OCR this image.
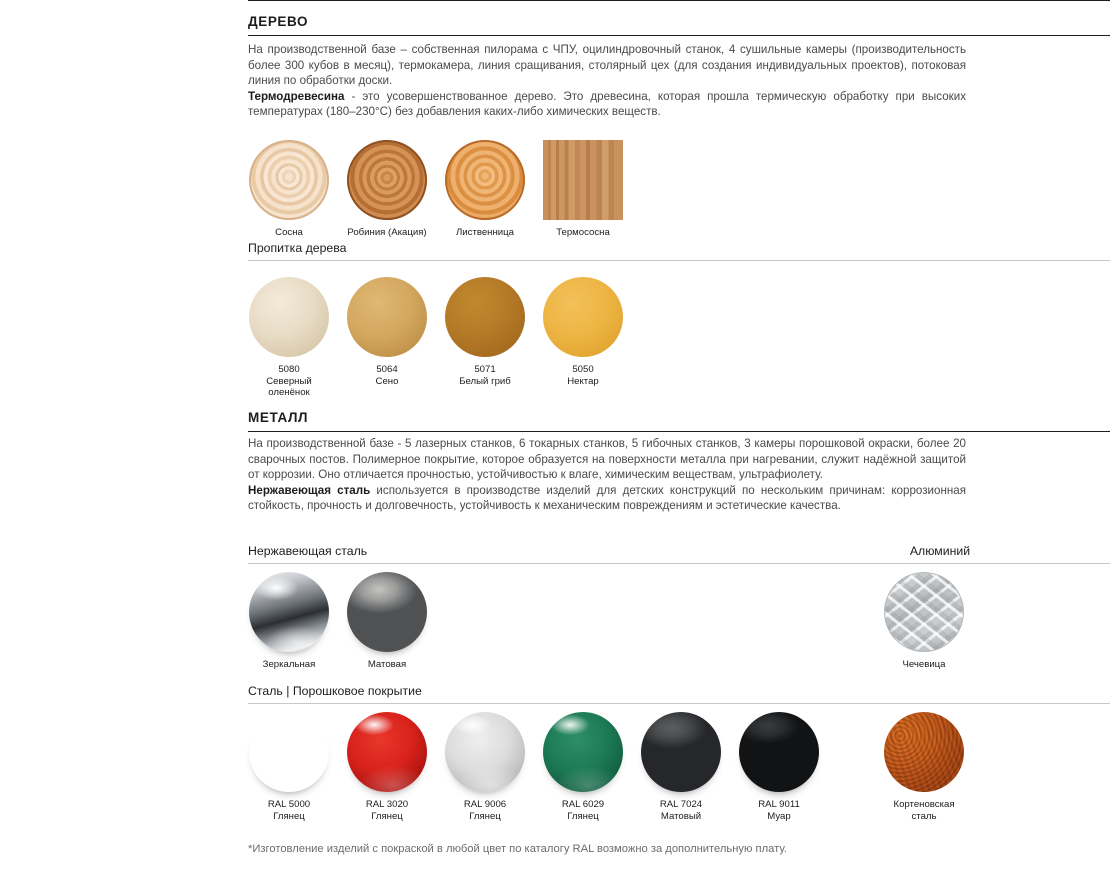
ДЕРЕВО
На производственной базе – собственная пилорама с ЧПУ, оцилиндровочный станок, 4 сушильные камеры (производительность более 300 кубов в месяц), термокамера, линия сращивания, столярный цех (для создания индивидуальных проектов), потоковая линия по обработки доски.
Термодревесина - это усовершенствованное дерево. Это древесина, которая прошла термическую обработку при высоких температурах (180–230°С) без добавления каких-либо химических веществ.
Сосна	Робиния (Акация)	Лиственница	Термососна
Пропитка дерева
5080
Северный
оленёнок
5064
Сено
5071
Белый гриб
5050
Нектар
МЕТАЛЛ
На производственной базе - 5 лазерных станков, 6 токарных станков, 5 гибочных станков, 3 камеры порошковой окраски, более 20 сварочных постов. Полимерное покрытие, которое образуется на поверхности металла при нагревании, служит надёжной защитой от коррозии. Оно отличается прочностью, устойчивостью к влаге, химическим веществам, ультрафиолету.
Нержавеющая сталь используется в производстве изделий для детских конструкций по нескольким причинам: коррозионная стойкость, прочность и долговечность, устойчивость к механическим повреждениям и эстетические качества.
Нержавеющая сталь	Алюминий
Зеркальная	Матовая	Чечевица
Сталь | Порошковое покрытие
RAL 5000
Глянец
RAL 3020
Глянец
RAL 9006
Глянец
RAL 6029
Глянец
RAL 7024
Матовый
RAL 9011
Муар
Кортеновская
сталь
*Изготовление изделий с покраской в любой цвет по каталогу RAL возможно за дополнительную плату.
